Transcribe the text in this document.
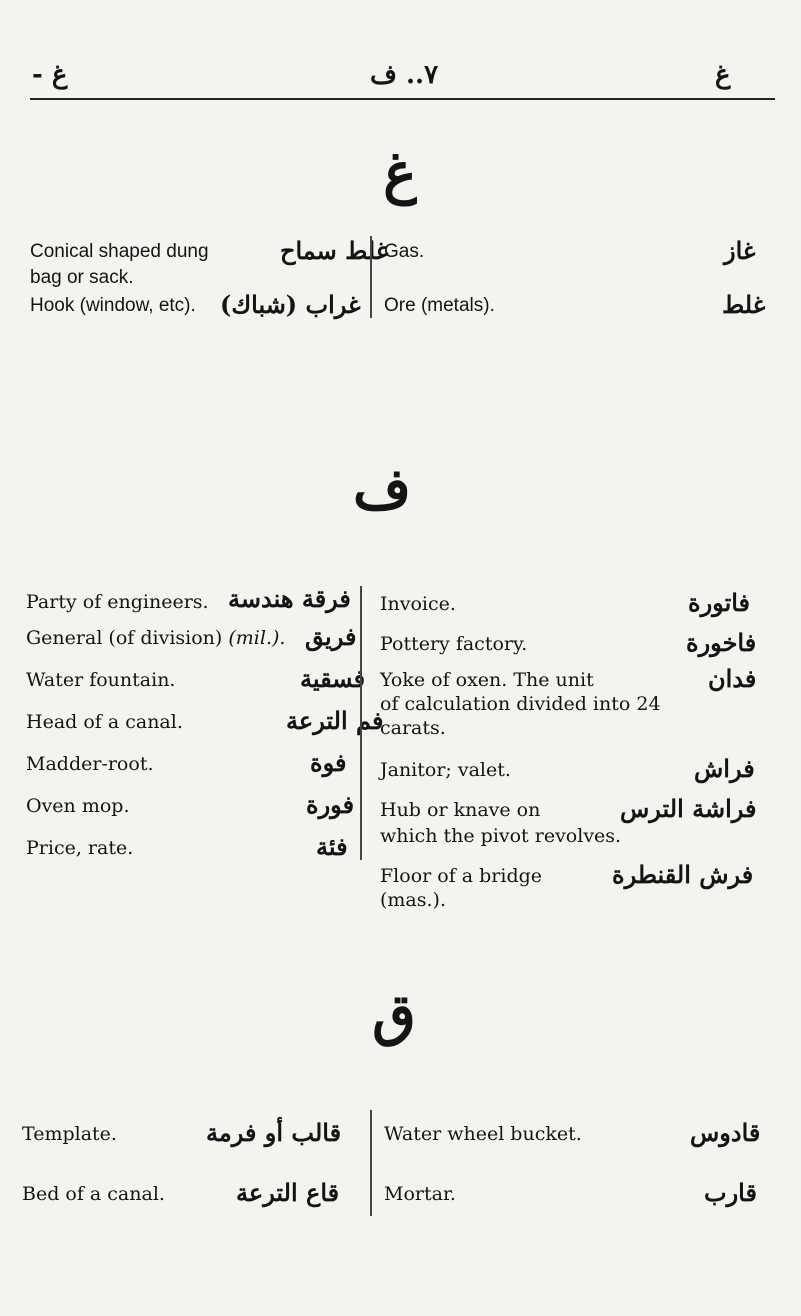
- غ	٧.. ف	غ
غ
Conical shaped dung	غلط سماح
bag or sack.
Hook (window, etc). غراب (شباك)
Gas.	غاز
Ore (metals).	غلط
ف
Party of engineers. فرقة هندسة
General (of division) (mil.). فريق
Water fountain.	فسقية
Head of a canal.	فم الترعة
Madder-root.	فوة
Oven mop.	فورة
Price, rate.	فئة
Invoice.	فاتورة
Pottery factory.	فاخورة
Yoke of oxen. The unit	فدان
of calculation divided into 24
carats.
Janitor; valet.	فراش
Hub or knave on	فراشة الترس
which the pivot revolves.
Floor of a bridge	فرش القنطرة
(mas.).
ق
Template.	قالب أو فرمة
Bed of a canal.	قاع الترعة
Water wheel bucket.	قادوس
Mortar.	قارب
